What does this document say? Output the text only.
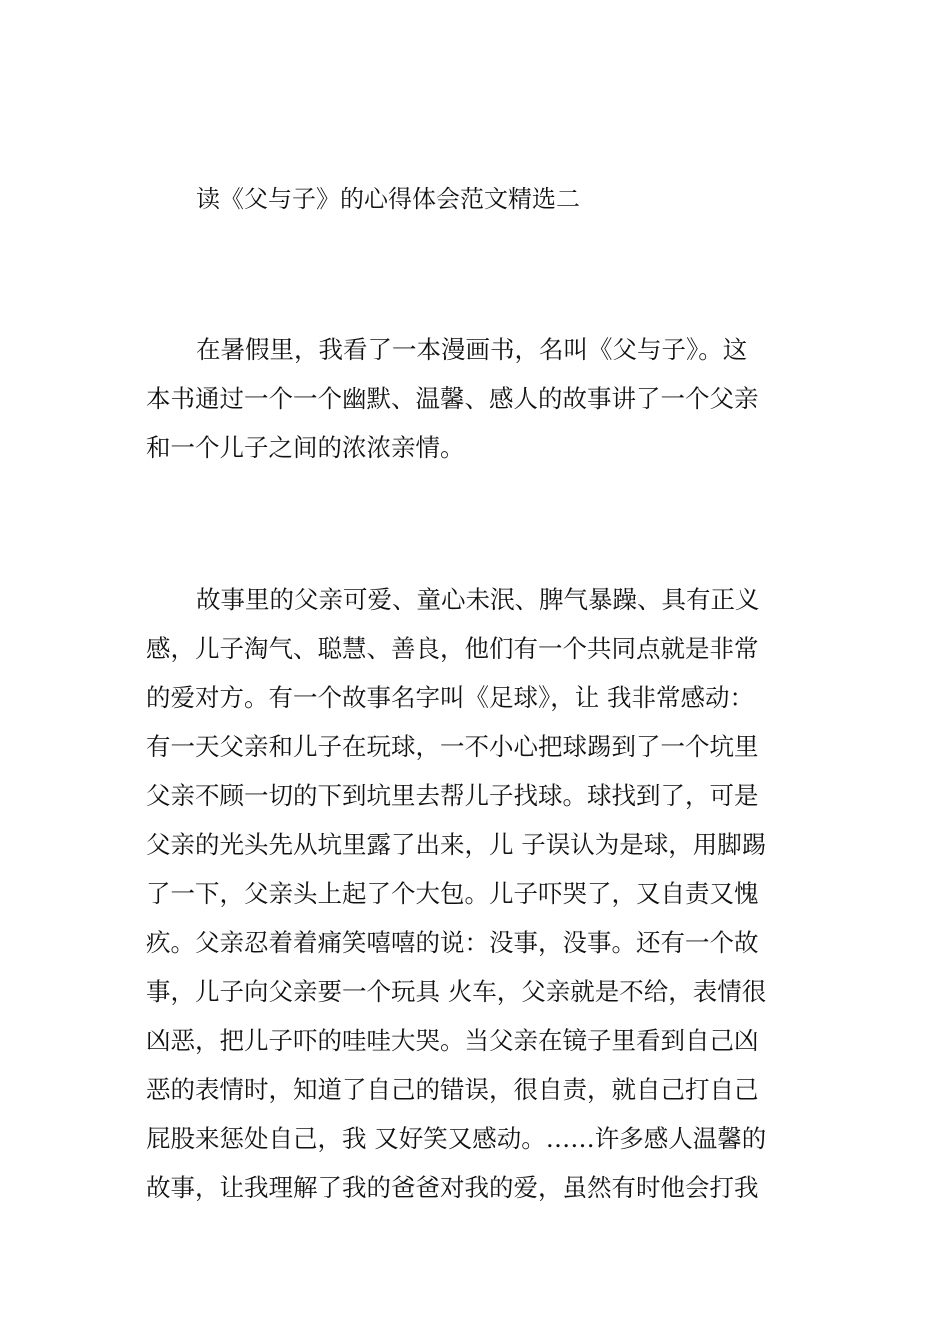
读《父与子》的心得体会范文精选二
在暑假里，我看了一本漫画书，名叫《父与子》。这
本书通过一个一个幽默、温馨、感人的故事讲了一个父亲
和一个儿子之间的浓浓亲情。
故事里的父亲可爱、童心未泯、脾气暴躁、具有正义
感，儿子淘气、聪慧、善良，他们有一个共同点就是非常
的爱对方。有一个故事名字叫《足球》，让 我非常感动：
有一天父亲和儿子在玩球，一不小心把球踢到了一个坑里
父亲不顾一切的下到坑里去帮儿子找球。球找到了，可是
父亲的光头先从坑里露了出来，儿 子误认为是球，用脚踢
了一下，父亲头上起了个大包。儿子吓哭了，又自责又愧
疚。父亲忍着着痛笑嘻嘻的说：没事，没事。还有一个故
事，儿子向父亲要一个玩具 火车，父亲就是不给，表情很
凶恶，把儿子吓的哇哇大哭。当父亲在镜子里看到自己凶
恶的表情时，知道了自己的错误，很自责，就自己打自己
屁股来惩处自己，我 又好笑又感动。……许多感人温馨的
故事，让我理解了我的爸爸对我的爱，虽然有时他会打我
